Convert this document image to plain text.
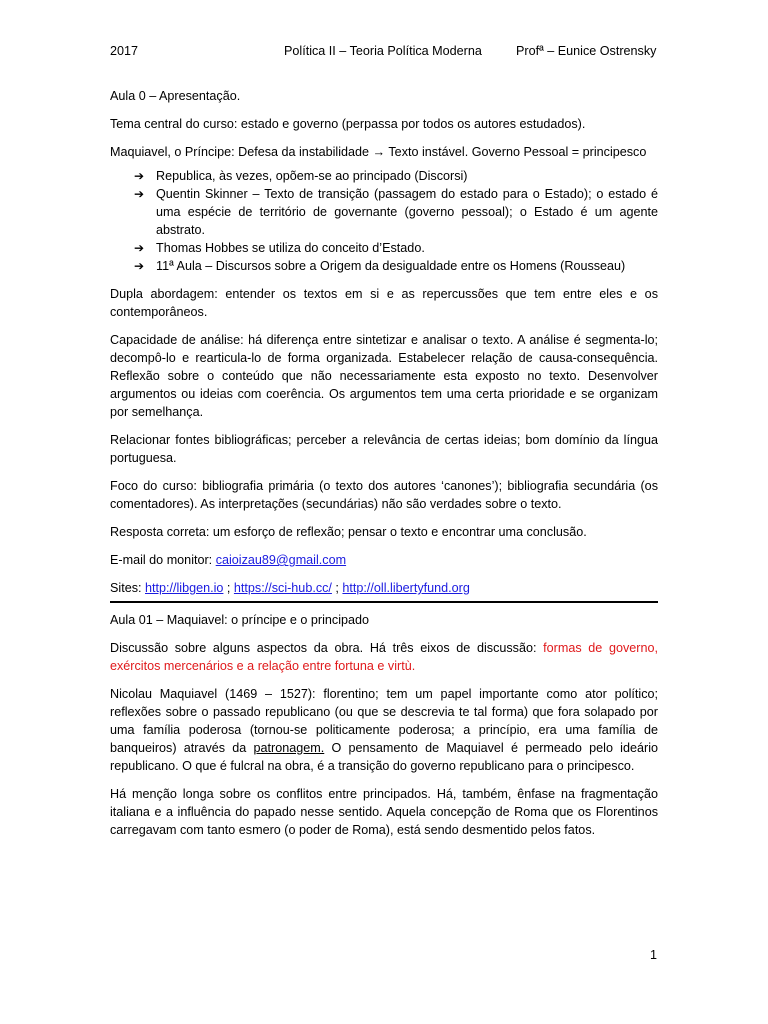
2017	Política II – Teoria Política Moderna	Profª – Eunice Ostrensky

Aula 0 – Apresentação.

Tema central do curso: estado e governo (perpassa por todos os autores estudados).

Maquiavel, o Príncipe: Defesa da instabilidade → Texto instável. Governo Pessoal = principesco

➔ Republica, às vezes, opõem-se ao principado (Discorsi)
➔ Quentin Skinner – Texto de transição (passagem do estado para o Estado); o estado é uma espécie de território de governante (governo pessoal); o Estado é um agente abstrato.
➔ Thomas Hobbes se utiliza do conceito d’Estado.
➔ 11ª Aula – Discursos sobre a Origem da desigualdade entre os Homens (Rousseau)

Dupla abordagem: entender os textos em si e as repercussões que tem entre eles e os contemporâneos.

Capacidade de análise: há diferença entre sintetizar e analisar o texto. A análise é segmenta-lo; decompô-lo e rearticula-lo de forma organizada. Estabelecer relação de causa-consequência. Reflexão sobre o conteúdo que não necessariamente esta exposto no texto. Desenvolver argumentos ou ideias com coerência. Os argumentos tem uma certa prioridade e se organizam por semelhança.

Relacionar fontes bibliográficas; perceber a relevância de certas ideias; bom domínio da língua portuguesa.

Foco do curso: bibliografia primária (o texto dos autores ‘canones’); bibliografia secundária (os comentadores). As interpretações (secundárias) não são verdades sobre o texto.

Resposta correta: um esforço de reflexão; pensar o texto e encontrar uma conclusão.

E-mail do monitor: caioizau89@gmail.com

Sites: http://libgen.io ; https://sci-hub.cc/ ; http://oll.libertyfund.org

Aula 01 – Maquiavel: o príncipe e o principado

Discussão sobre alguns aspectos da obra. Há três eixos de discussão: formas de governo, exércitos mercenários e a relação entre fortuna e virtù.

Nicolau Maquiavel (1469 – 1527): florentino; tem um papel importante como ator político; reflexões sobre o passado republicano (ou que se descrevia te tal forma) que fora solapado por uma família poderosa (tornou-se politicamente poderosa; a princípio, era uma família de banqueiros) através da patronagem. O pensamento de Maquiavel é permeado pelo ideário republicano. O que é fulcral na obra, é a transição do governo republicano para o principesco.

Há menção longa sobre os conflitos entre principados. Há, também, ênfase na fragmentação italiana e a influência do papado nesse sentido. Aquela concepção de Roma que os Florentinos carregavam com tanto esmero (o poder de Roma), está sendo desmentido pelos fatos.

1
